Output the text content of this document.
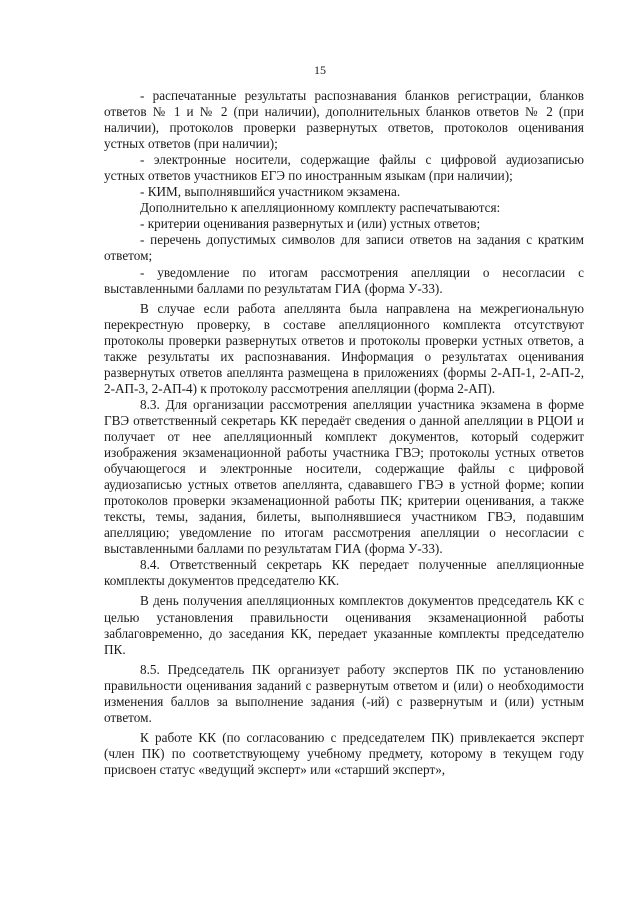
15

- распечатанные результаты распознавания бланков регистрации, бланков ответов № 1 и № 2 (при наличии), дополнительных бланков ответов № 2 (при наличии), протоколов проверки развернутых ответов, протоколов оценивания устных ответов (при наличии);

- электронные носители, содержащие файлы с цифровой аудиозаписью устных ответов участников ЕГЭ по иностранным языкам (при наличии);

- КИМ, выполнявшийся участником экзамена.

Дополнительно к апелляционному комплекту распечатываются:

- критерии оценивания развернутых и (или) устных ответов;

- перечень допустимых символов для записи ответов на задания с кратким ответом;

- уведомление по итогам рассмотрения апелляции о несогласии с выставленными баллами по результатам ГИА (форма У-33).

В случае если работа апеллянта была направлена на межрегиональную перекрестную проверку, в составе апелляционного комплекта отсутствуют протоколы проверки развернутых ответов и протоколы проверки устных ответов, а также результаты их распознавания. Информация о результатах оценивания развернутых ответов апеллянта размещена в приложениях (формы 2-АП-1, 2-АП-2, 2-АП-3, 2-АП-4) к протоколу рассмотрения апелляции (форма 2-АП).

8.3. Для организации рассмотрения апелляции участника экзамена в форме ГВЭ ответственный секретарь КК передаёт сведения о данной апелляции в РЦОИ и получает от нее апелляционный комплект документов, который содержит изображения экзаменационной работы участника ГВЭ; протоколы устных ответов обучающегося и электронные носители, содержащие файлы с цифровой аудиозаписью устных ответов апеллянта, сдававшего ГВЭ в устной форме; копии протоколов проверки экзаменационной работы ПК; критерии оценивания, а также тексты, темы, задания, билеты, выполнявшиеся участником ГВЭ, подавшим апелляцию; уведомление по итогам рассмотрения апелляции о несогласии с выставленными баллами по результатам ГИА (форма У-33).

8.4. Ответственный секретарь КК передает полученные апелляционные комплекты документов председателю КК.

В день получения апелляционных комплектов документов председатель КК с целью установления правильности оценивания экзаменационной работы заблаговременно, до заседания КК, передает указанные комплекты председателю ПК.

8.5. Председатель ПК организует работу экспертов ПК по установлению правильности оценивания заданий с развернутым ответом и (или) о необходимости изменения баллов за выполнение задания (-ий) с развернутым и (или) устным ответом.

К работе КК (по согласованию с председателем ПК) привлекается эксперт (член ПК) по соответствующему учебному предмету, которому в текущем году присвоен статус «ведущий эксперт» или «старший эксперт»,
